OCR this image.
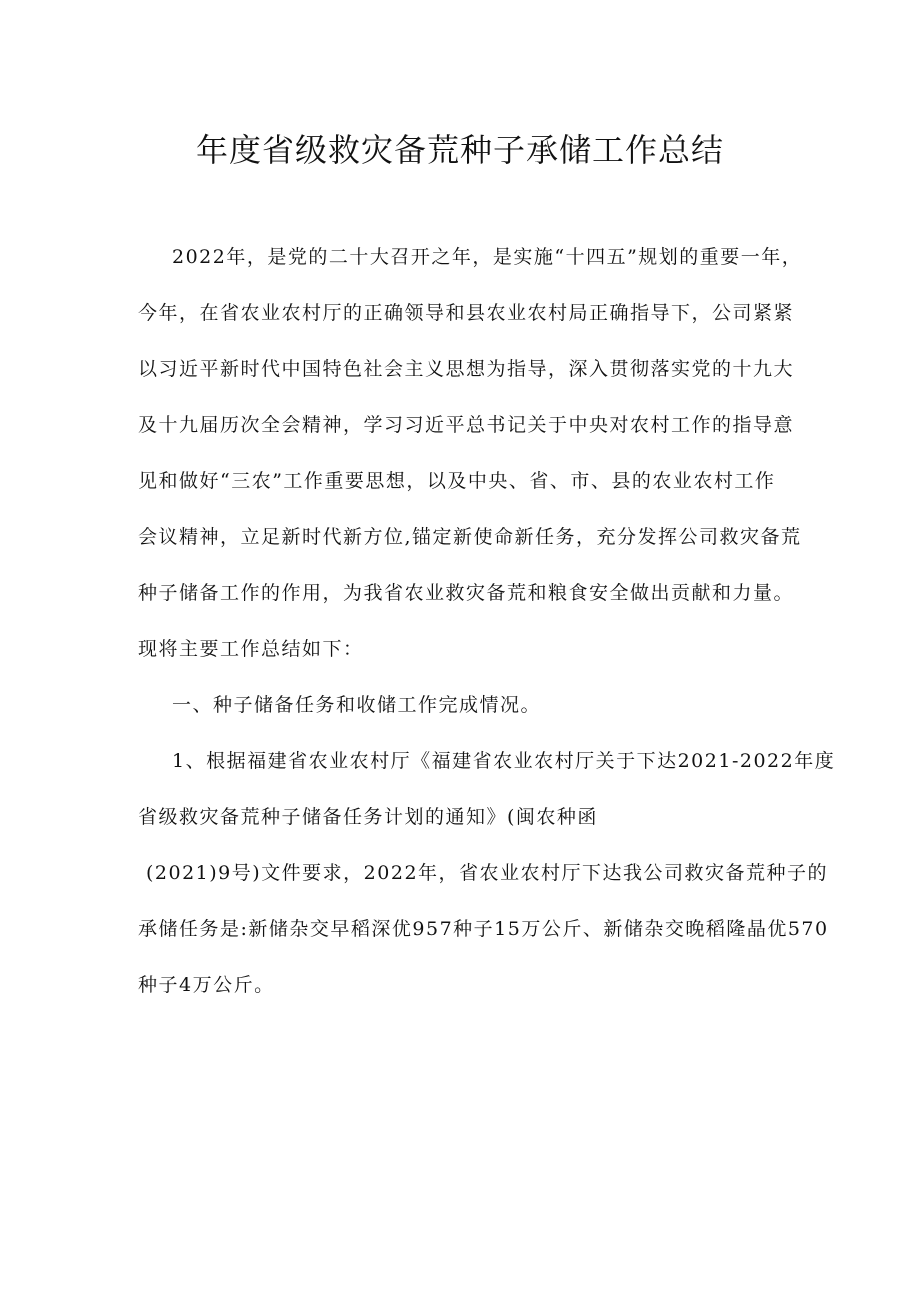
年度省级救灾备荒种子承储工作总结
2022年，是党的二十大召开之年，是实施“十四五”规划的重要一年，
今年，在省农业农村厅的正确领导和县农业农村局正确指导下，公司紧紧
以习近平新时代中国特色社会主义思想为指导，深入贯彻落实党的十九大
及十九届历次全会精神，学习习近平总书记关于中央对农村工作的指导意
见和做好“三农”工作重要思想，以及中央、省、市、县的农业农村工作
会议精神，立足新时代新方位,锚定新使命新任务，充分发挥公司救灾备荒
种子储备工作的作用，为我省农业救灾备荒和粮食安全做出贡献和力量。
现将主要工作总结如下：
一、种子储备任务和收储工作完成情况。
1、根据福建省农业农村厅《福建省农业农村厅关于下达2021-2022年度
省级救灾备荒种子储备任务计划的通知》(闽农种函
(2021)9号)文件要求，2022年，省农业农村厅下达我公司救灾备荒种子的
承储任务是:新储杂交早稻深优957种子15万公斤、新储杂交晚稻隆晶优570
种子4万公斤。
